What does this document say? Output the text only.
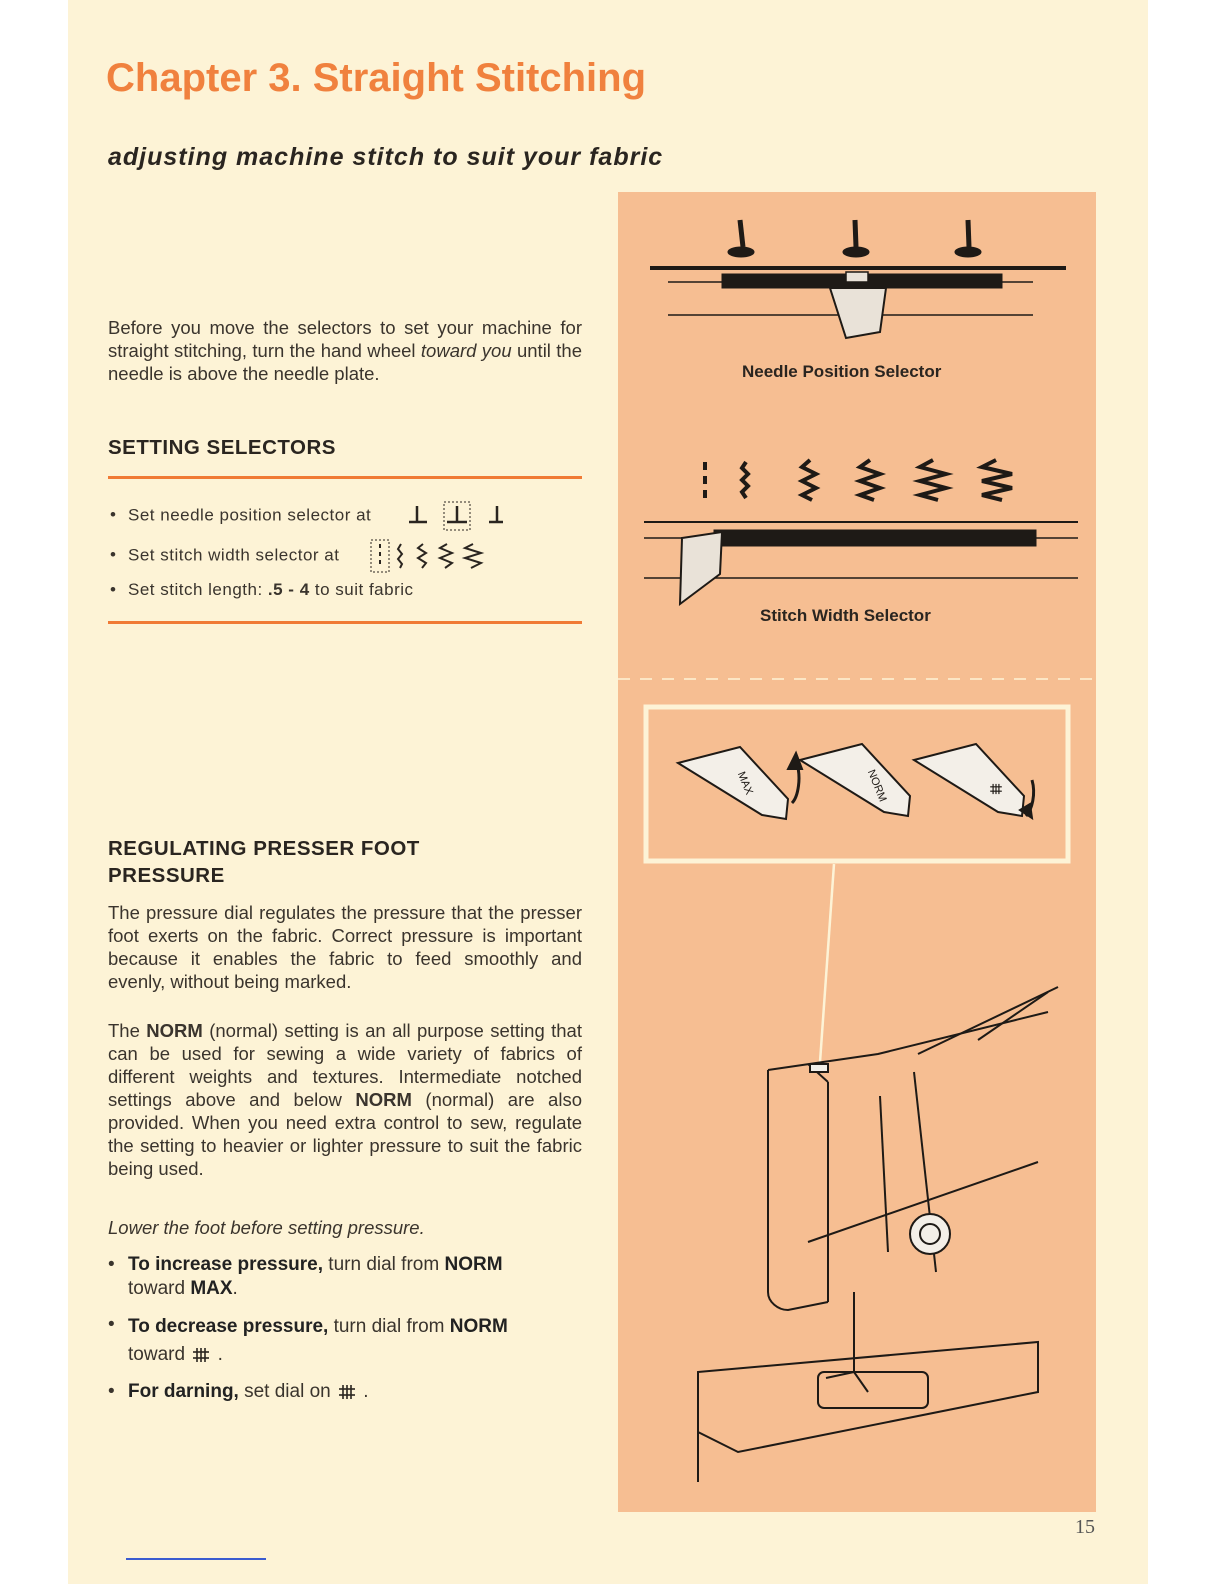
Chapter 3. Straight Stitching
adjusting machine stitch to suit your fabric
Before you move the selectors to set your machine for straight stitching, turn the hand wheel toward you until the needle is above the needle plate.
SETTING SELECTORS
• Set needle position selector at
• Set stitch width selector at
• Set stitch length: .5 - 4 to suit fabric
REGULATING PRESSER FOOT
PRESSURE
The pressure dial regulates the pressure that the presser foot exerts on the fabric. Correct pressure is important because it enables the fabric to feed smoothly and evenly, without being marked.
The NORM (normal) setting is an all purpose setting that can be used for sewing a wide variety of fabrics of different weights and textures. Intermediate notched settings above and below NORM (normal) are also provided. When you need extra control to sew, regulate the setting to heavier or lighter pressure to suit the fabric being used.
Lower the foot before setting pressure.
• To increase pressure, turn dial from NORM
toward MAX.
• To decrease pressure, turn dial from NORM
toward  .
• For darning, set dial on  .
Needle Position Selector
Stitch Width Selector
MAX	NORM
15
